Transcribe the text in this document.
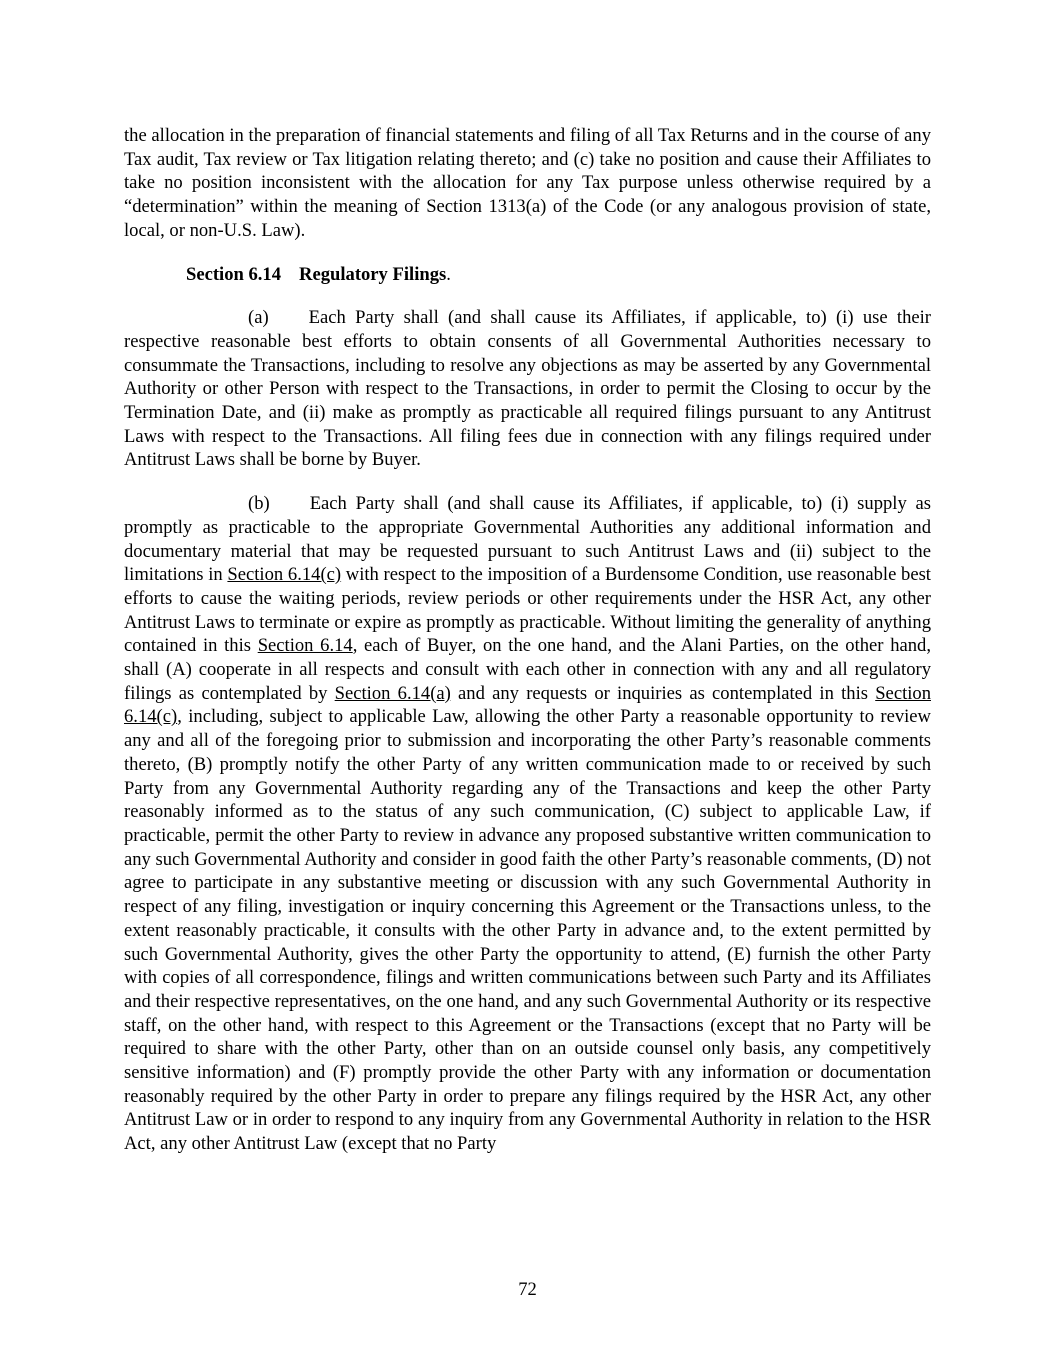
the allocation in the preparation of financial statements and filing of all Tax Returns and in the course of any Tax audit, Tax review or Tax litigation relating thereto; and (c) take no position and cause their Affiliates to take no position inconsistent with the allocation for any Tax purpose unless otherwise required by a “determination” within the meaning of Section 1313(a) of the Code (or any analogous provision of state, local, or non-U.S. Law).

Section 6.14 Regulatory Filings.

(a) Each Party shall (and shall cause its Affiliates, if applicable, to) (i) use their respective reasonable best efforts to obtain consents of all Governmental Authorities necessary to consummate the Transactions, including to resolve any objections as may be asserted by any Governmental Authority or other Person with respect to the Transactions, in order to permit the Closing to occur by the Termination Date, and (ii) make as promptly as practicable all required filings pursuant to any Antitrust Laws with respect to the Transactions. All filing fees due in connection with any filings required under Antitrust Laws shall be borne by Buyer.

(b) Each Party shall (and shall cause its Affiliates, if applicable, to) (i) supply as promptly as practicable to the appropriate Governmental Authorities any additional information and documentary material that may be requested pursuant to such Antitrust Laws and (ii) subject to the limitations in Section 6.14(c) with respect to the imposition of a Burdensome Condition, use reasonable best efforts to cause the waiting periods, review periods or other requirements under the HSR Act, any other Antitrust Laws to terminate or expire as promptly as practicable. Without limiting the generality of anything contained in this Section 6.14, each of Buyer, on the one hand, and the Alani Parties, on the other hand, shall (A) cooperate in all respects and consult with each other in connection with any and all regulatory filings as contemplated by Section 6.14(a) and any requests or inquiries as contemplated in this Section 6.14(c), including, subject to applicable Law, allowing the other Party a reasonable opportunity to review any and all of the foregoing prior to submission and incorporating the other Party’s reasonable comments thereto, (B) promptly notify the other Party of any written communication made to or received by such Party from any Governmental Authority regarding any of the Transactions and keep the other Party reasonably informed as to the status of any such communication, (C) subject to applicable Law, if practicable, permit the other Party to review in advance any proposed substantive written communication to any such Governmental Authority and consider in good faith the other Party’s reasonable comments, (D) not agree to participate in any substantive meeting or discussion with any such Governmental Authority in respect of any filing, investigation or inquiry concerning this Agreement or the Transactions unless, to the extent reasonably practicable, it consults with the other Party in advance and, to the extent permitted by such Governmental Authority, gives the other Party the opportunity to attend, (E) furnish the other Party with copies of all correspondence, filings and written communications between such Party and its Affiliates and their respective representatives, on the one hand, and any such Governmental Authority or its respective staff, on the other hand, with respect to this Agreement or the Transactions (except that no Party will be required to share with the other Party, other than on an outside counsel only basis, any competitively sensitive information) and (F) promptly provide the other Party with any information or documentation reasonably required by the other Party in order to prepare any filings required by the HSR Act, any other Antitrust Law or in order to respond to any inquiry from any Governmental Authority in relation to the HSR Act, any other Antitrust Law (except that no Party

72
